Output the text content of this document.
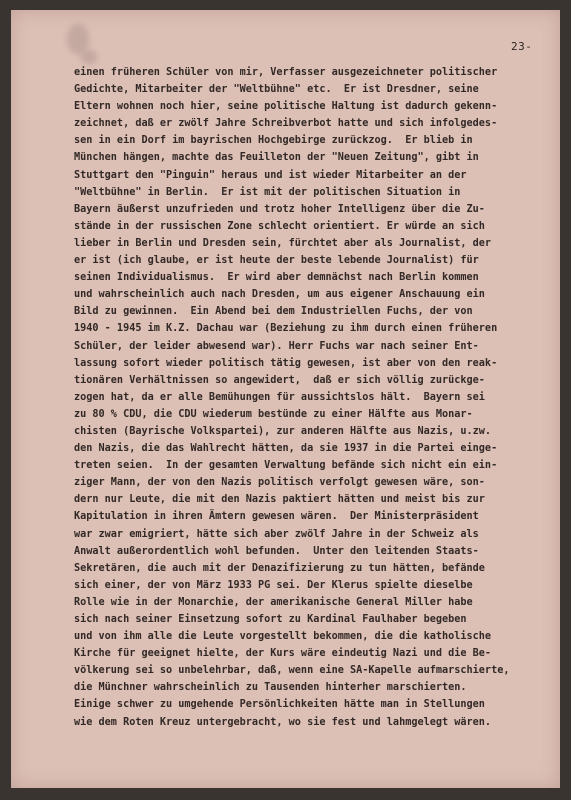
23-
einen früheren Schüler von mir, Verfasser ausgezeichneter politischer
Gedichte, Mitarbeiter der "Weltbühne" etc.  Er ist Dresdner, seine
Eltern wohnen noch hier, seine politische Haltung ist dadurch gekenn-
zeichnet, daß er zwölf Jahre Schreibverbot hatte und sich infolgedes-
sen in ein Dorf im bayrischen Hochgebirge zurückzog.  Er blieb in
München hängen, machte das Feuilleton der "Neuen Zeitung", gibt in
Stuttgart den "Pinguin" heraus und ist wieder Mitarbeiter an der
"Weltbühne" in Berlin.  Er ist mit der politischen Situation in
Bayern äußerst unzufrieden und trotz hoher Intelligenz über die Zu-
stände in der russischen Zone schlecht orientiert. Er würde an sich
lieber in Berlin und Dresden sein, fürchtet aber als Journalist, der
er ist (ich glaube, er ist heute der beste lebende Journalist) für
seinen Individualismus.  Er wird aber demnächst nach Berlin kommen
und wahrscheinlich auch nach Dresden, um aus eigener Anschauung ein
Bild zu gewinnen.  Ein Abend bei dem Industriellen Fuchs, der von
1940 - 1945 im K.Z. Dachau war (Beziehung zu ihm durch einen früheren
Schüler, der leider abwesend war). Herr Fuchs war nach seiner Ent-
lassung sofort wieder politisch tätig gewesen, ist aber von den reak-
tionären Verhältnissen so angewidert,  daß er sich völlig zurückge-
zogen hat, da er alle Bemühungen für aussichtslos hält.  Bayern sei
zu 80 % CDU, die CDU wiederum bestünde zu einer Hälfte aus Monar-
chisten (Bayrische Volkspartei), zur anderen Hälfte aus Nazis, u.zw.
den Nazis, die das Wahlrecht hätten, da sie 1937 in die Partei einge-
treten seien.  In der gesamten Verwaltung befände sich nicht ein ein-
ziger Mann, der von den Nazis politisch verfolgt gewesen wäre, son-
dern nur Leute, die mit den Nazis paktiert hätten und meist bis zur
Kapitulation in ihren Ämtern gewesen wären.  Der Ministerpräsident
war zwar emigriert, hätte sich aber zwölf Jahre in der Schweiz als
Anwalt außerordentlich wohl befunden.  Unter den leitenden Staats-
Sekretären, die auch mit der Denazifizierung zu tun hätten, befände
sich einer, der von März 1933 PG sei. Der Klerus spielte dieselbe
Rolle wie in der Monarchie, der amerikanische General Miller habe
sich nach seiner Einsetzung sofort zu Kardinal Faulhaber begeben
und von ihm alle die Leute vorgestellt bekommen, die die katholische
Kirche für geeignet hielte, der Kurs wäre eindeutig Nazi und die Be-
völkerung sei so unbelehrbar, daß, wenn eine SA-Kapelle aufmarschierte,
die Münchner wahrscheinlich zu Tausenden hinterher marschierten.
Einige schwer zu umgehende Persönlichkeiten hätte man in Stellungen
wie dem Roten Kreuz untergebracht, wo sie fest und lahmgelegt wären.
